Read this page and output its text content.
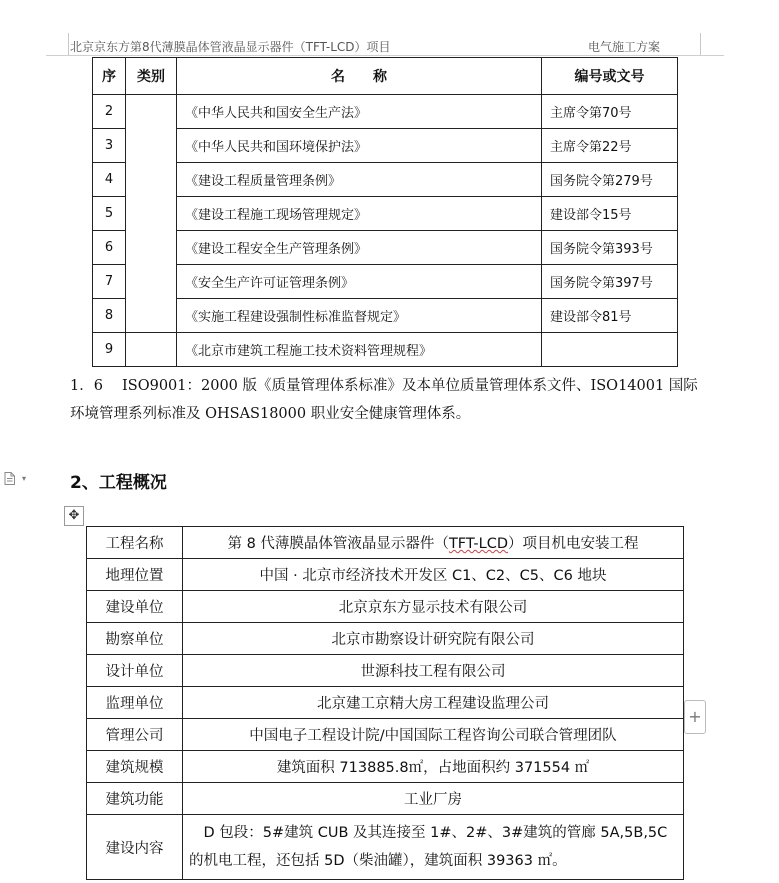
北京京东方第8代薄膜晶体管液晶显示器件（TFT-LCD）项目	电气施工方案
序	类别	名　　称	编号或文号
2		《中华人民共和国安全生产法》	主席令第70号
3		《中华人民共和国环境保护法》	主席令第22号
4		《建设工程质量管理条例》	国务院令第279号
5		《建设工程施工现场管理规定》	建设部令15号
6		《建设工程安全生产管理条例》	国务院令第393号
7		《安全生产许可证管理条例》	国务院令第397号
8		《实施工程建设强制性标准监督规定》	建设部令81号
9		《北京市建筑工程施工技术资料管理规程》	
1．6　 ISO9001：2000 版《质量管理体系标准》及本单位质量管理体系文件、ISO14001 国际环境管理系列标准及 OHSAS18000 职业安全健康管理体系。
▾	2、工程概况
✥
工程名称	第 8 代薄膜晶体管液晶显示器件（TFT-LCD）项目机电安装工程
地理位置	中国 · 北京市经济技术开发区 C1、C2、C5、C6 地块
建设单位	北京京东方显示技术有限公司
勘察单位	北京市勘察设计研究院有限公司
设计单位	世源科技工程有限公司
监理单位	北京建工京精大房工程建设监理公司
管理公司	中国电子工程设计院/中国国际工程咨询公司联合管理团队
建筑规模	建筑面积 713885.8㎡，占地面积约 371554 ㎡
建筑功能	工业厂房
建设内容	　D 包段：5#建筑 CUB 及其连接至 1#、2#、3#建筑的管廊 5A,5B,5C 的机电工程，还包括 5D（柴油罐），建筑面积 39363 ㎡。
+
